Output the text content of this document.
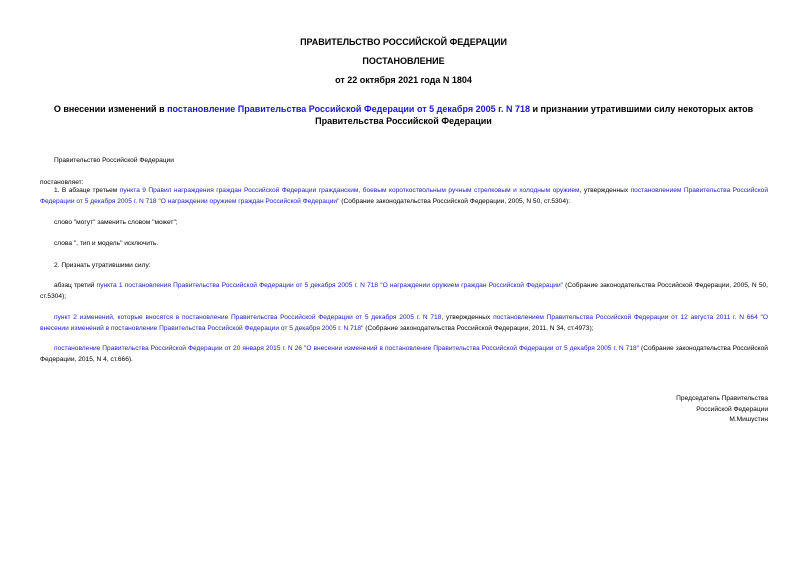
ПРАВИТЕЛЬСТВО РОССИЙСКОЙ ФЕДЕРАЦИИ
ПОСТАНОВЛЕНИЕ
от 22 октября 2021 года N 1804
О внесении изменений в постановление Правительства Российской Федерации от 5 декабря 2005 г. N 718 и признании утратившими силу некоторых актов Правительства Российской Федерации
Правительство Российской Федерации
постановляет:
1. В абзаце третьем пункта 9 Правил награждения граждан Российской Федерации гражданским, боевым короткоствольным ручным стрелковым и холодным оружием, утвержденных постановлением Правительства Российской Федерации от 5 декабря 2005 г. N 718 "О награждении оружием граждан Российской Федерации" (Собрание законодательства Российской Федерации, 2005, N 50, ст.5304):
слово "могут" заменить словом "может";
слова ", тип и модель" исключить.
2. Признать утратившими силу:
абзац третий пункта 1 постановления Правительства Российской Федерации от 5 декабря 2005 г. N 718 "О награждении оружием граждан Российской Федерации" (Собрание законодательства Российской Федерации, 2005, N 50, ст.5304);
пункт 2 изменений, которые вносятся в постановление Правительства Российской Федерации от 5 декабря 2005 г. N 718, утвержденных постановлением Правительства Российской Федерации от 12 августа 2011 г. N 664 "О внесении изменений в постановление Правительства Российской Федерации от 5 декабря 2005 г. N 718" (Собрание законодательства Российской Федерации, 2011, N 34, ст.4973);
постановление Правительства Российской Федерации от 20 января 2015 г. N 26 "О внесении изменений в постановление Правительства Российской Федерации от 5 декабря 2005 г. N 718" (Собрание законодательства Российской Федерации, 2015, N 4, ст.666).
Председатель Правительства
Российской Федерации
М.Мишустин
